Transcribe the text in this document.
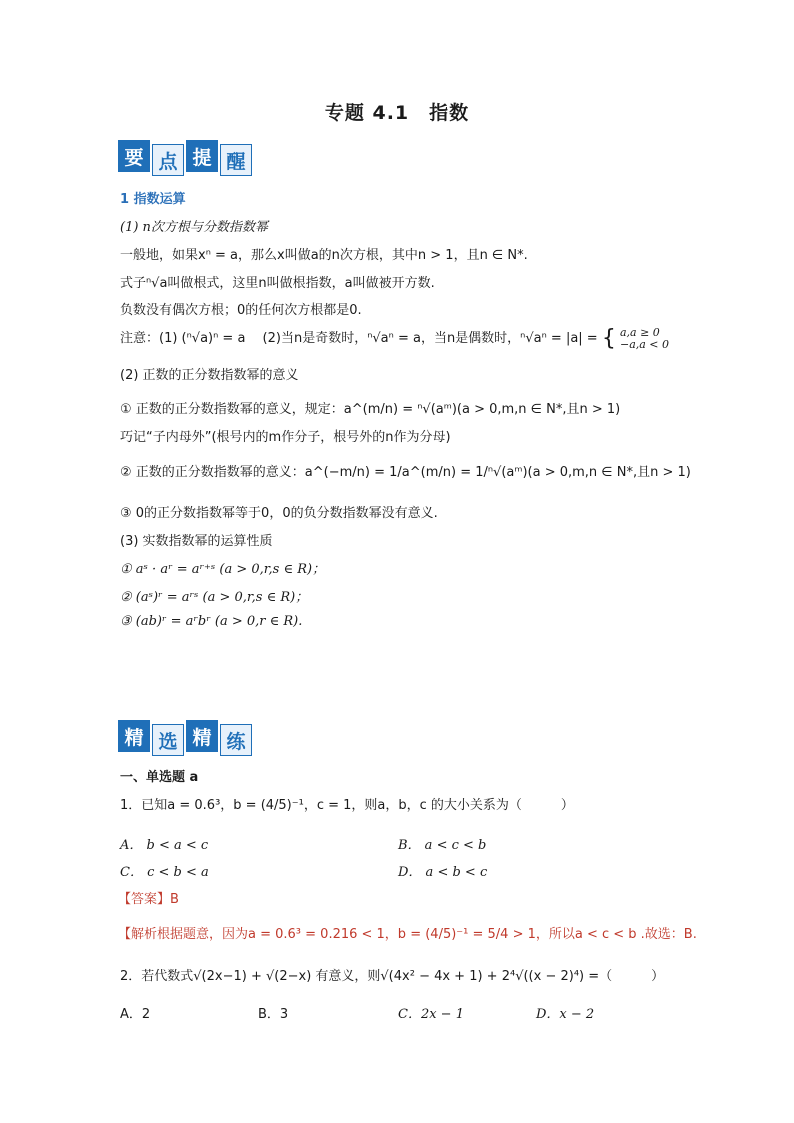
专题 4.1　指数
要 点 提 醒
1 指数运算
(1) n次方根与分数指数幂
一般地，如果xⁿ = a，那么x叫做a的n次方根，其中n > 1，且n ∈ N*.
式子ⁿ√a叫做根式，这里n叫做根指数，a叫做被开方数.
负数没有偶次方根；0的任何次方根都是0.
注意：(1) (ⁿ√a)ⁿ = a　 (2)当n是奇数时，ⁿ√aⁿ = a，当n是偶数时，ⁿ√aⁿ = |a| = { a,a ≥ 0
−a,a < 0
(2) 正数的正分数指数幂的意义
① 正数的正分数指数幂的意义，规定：a^(m/n) = ⁿ√(aᵐ)(a > 0,m,n ∈ N*,且n > 1)
巧记“子内母外”(根号内的m作分子，根号外的n作为分母)
② 正数的正分数指数幂的意义：a^(−m/n) = 1/a^(m/n) = 1/ⁿ√(aᵐ)(a > 0,m,n ∈ N*,且n > 1)
③ 0的正分数指数幂等于0，0的负分数指数幂没有意义.
(3) 实数指数幂的运算性质
① aˢ · aʳ = aʳ⁺ˢ (a > 0,r,s ∈ R)；
② (aˢ)ʳ = aʳˢ (a > 0,r,s ∈ R)；
③ (ab)ʳ = aʳbʳ (a > 0,r ∈ R).
精 选 精 练
一、单选题 a
1．已知a = 0.6³，b = (4/5)⁻¹，c = 1，则a，b，c 的大小关系为（　　　）
A． b < a < c	B． a < c < b
C． c < b < a	D． a < b < c
【答案】B
【解析根据题意，因为a = 0.6³ = 0.216 < 1，b = (4/5)⁻¹ = 5/4 > 1，所以a < c < b .故选：B.
2．若代数式√(2x−1) + √(2−x) 有意义，则√(4x² − 4x + 1) + 2⁴√((x − 2)⁴) =（　　　）
A．2	B．3	C．2x − 1	D．x − 2
